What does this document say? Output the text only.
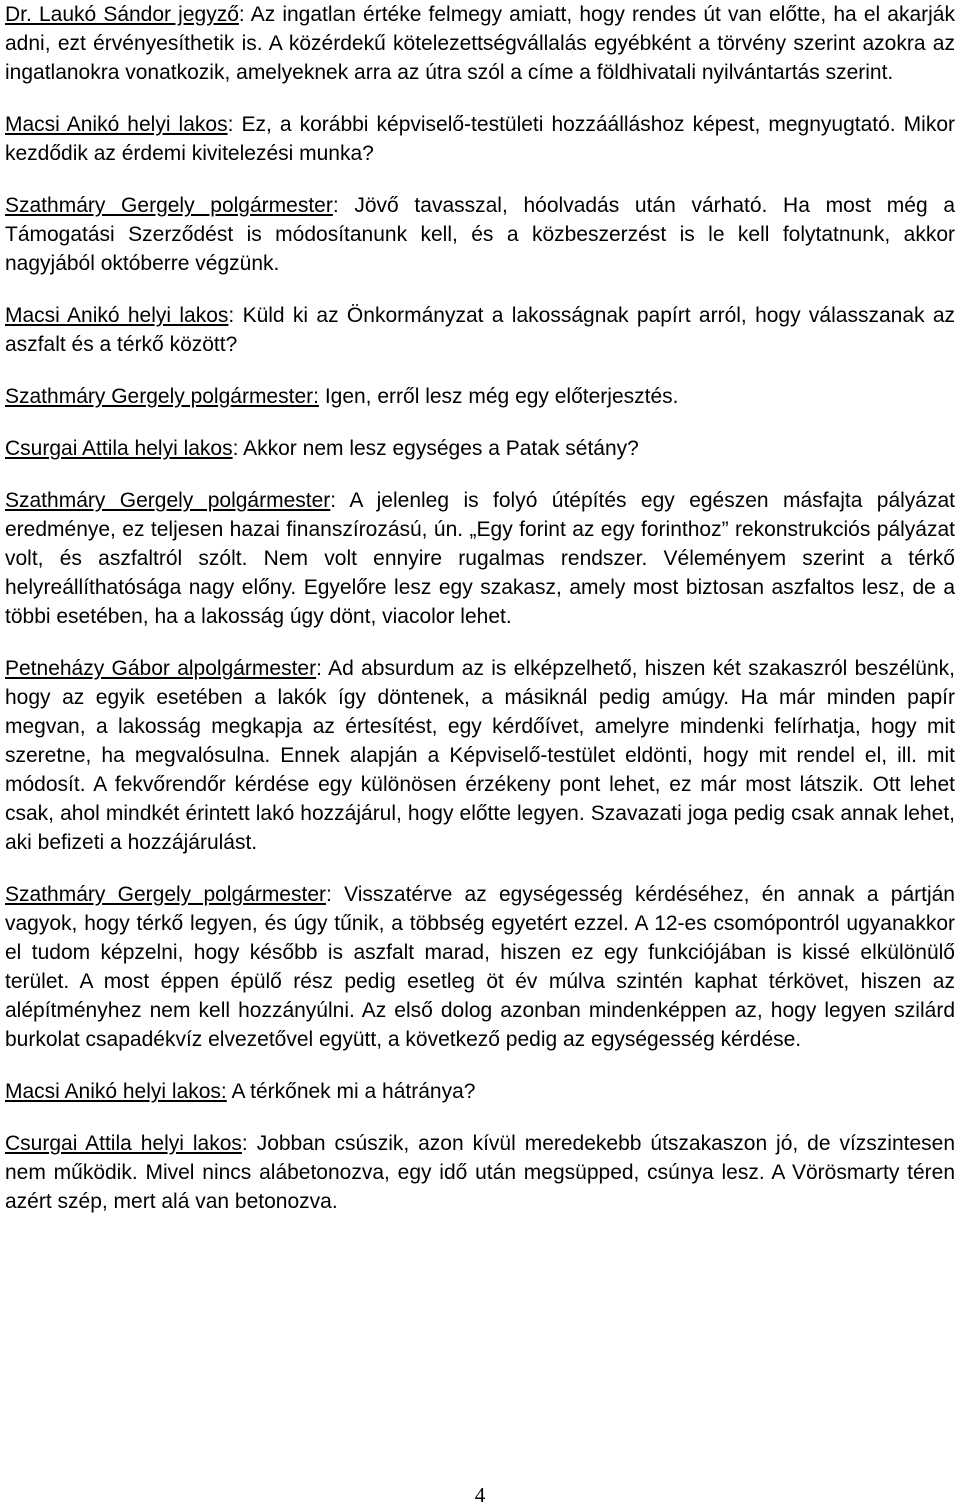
Dr. Laukó Sándor jegyző: Az ingatlan értéke felmegy amiatt, hogy rendes út van előtte, ha el akarják adni, ezt érvényesíthetik is. A közérdekű kötelezettségvállalás egyébként a törvény szerint azokra az ingatlanokra vonatkozik, amelyeknek arra az útra szól a címe a földhivatali nyilvántartás szerint.

Macsi Anikó helyi lakos: Ez, a korábbi képviselő-testületi hozzáálláshoz képest, megnyugtató. Mikor kezdődik az érdemi kivitelezési munka?

Szathmáry Gergely polgármester: Jövő tavasszal, hóolvadás után várható. Ha most még a Támogatási Szerződést is módosítanunk kell, és a közbeszerzést is le kell folytatnunk, akkor nagyjából októberre végzünk.

Macsi Anikó helyi lakos: Küld ki az Önkormányzat a lakosságnak papírt arról, hogy válasszanak az aszfalt és a térkő között?

Szathmáry Gergely polgármester: Igen, erről lesz még egy előterjesztés.

Csurgai Attila helyi lakos: Akkor nem lesz egységes a Patak sétány?

Szathmáry Gergely polgármester: A jelenleg is folyó útépítés egy egészen másfajta pályázat eredménye, ez teljesen hazai finanszírozású, ún. „Egy forint az egy forinthoz” rekonstrukciós pályázat volt, és aszfaltról szólt. Nem volt ennyire rugalmas rendszer. Véleményem szerint a térkő helyreállíthatósága nagy előny. Egyelőre lesz egy szakasz, amely most biztosan aszfaltos lesz, de a többi esetében, ha a lakosság úgy dönt, viacolor lehet.

Petneházy Gábor alpolgármester: Ad absurdum az is elképzelhető, hiszen két szakaszról beszélünk, hogy az egyik esetében a lakók így döntenek, a másiknál pedig amúgy. Ha már minden papír megvan, a lakosság megkapja az értesítést, egy kérdőívet, amelyre mindenki felírhatja, hogy mit szeretne, ha megvalósulna. Ennek alapján a Képviselő-testület eldönti, hogy mit rendel el, ill. mit módosít. A fekvőrendőr kérdése egy különösen érzékeny pont lehet, ez már most látszik. Ott lehet csak, ahol mindkét érintett lakó hozzájárul, hogy előtte legyen. Szavazati joga pedig csak annak lehet, aki befizeti a hozzájárulást.

Szathmáry Gergely polgármester: Visszatérve az egységesség kérdéséhez, én annak a pártján vagyok, hogy térkő legyen, és úgy tűnik, a többség egyetért ezzel. A 12-es csomópontról ugyanakkor el tudom képzelni, hogy később is aszfalt marad, hiszen ez egy funkciójában is kissé elkülönülő terület. A most éppen épülő rész pedig esetleg öt év múlva szintén kaphat térkövet, hiszen az alépítményhez nem kell hozzányúlni. Az első dolog azonban mindenképpen az, hogy legyen szilárd burkolat csapadékvíz elvezetővel együtt, a következő pedig az egységesség kérdése.

Macsi Anikó helyi lakos: A térkőnek mi a hátránya?

Csurgai Attila helyi lakos: Jobban csúszik, azon kívül meredekebb útszakaszon jó, de vízszintesen nem működik. Mivel nincs alábetonozva, egy idő után megsüpped, csúnya lesz. A Vörösmarty téren azért szép, mert alá van betonozva.

4
